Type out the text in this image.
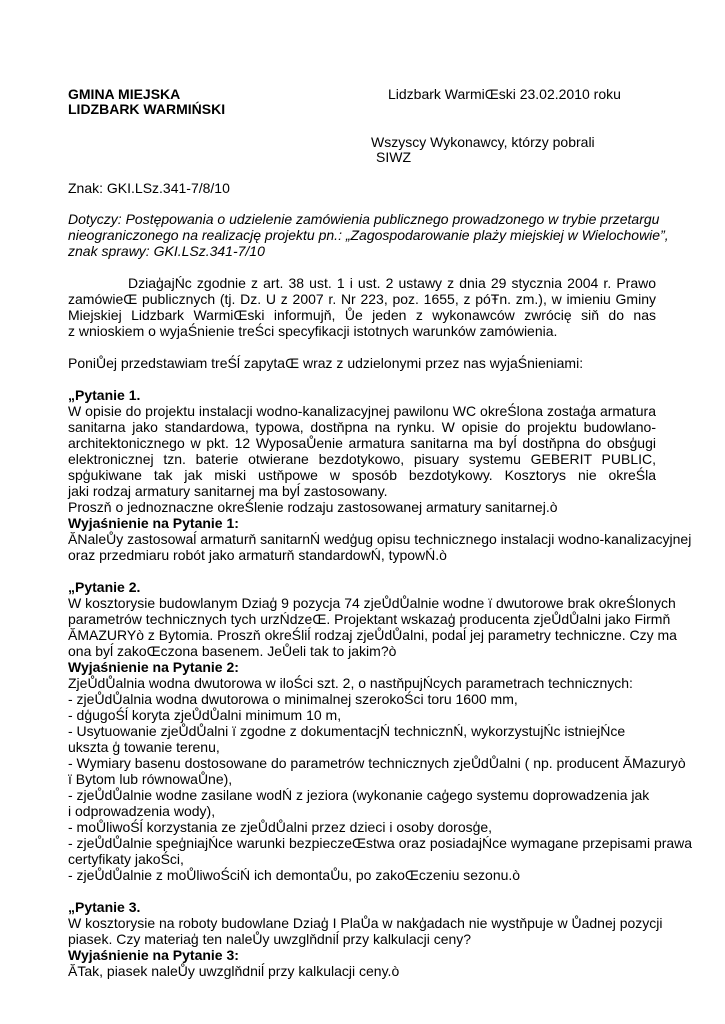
GMINA MIEJSKA
LIDZBARK WARMIŃSKI
Lidzbark WarmiŒski 23.02.2010 roku
Wszyscy Wykonawcy, którzy pobrali
SIWZ
Znak: GKI.LSz.341-7/8/10
Dotyczy: Postępowania o udzielenie zamówienia publicznego prowadzonego w trybie przetargu
nieograniczonego na realizację projektu pn.: „Zagospodarowanie plaży miejskiej w Wielochowie”,
znak sprawy: GKI.LSz.341-7/10
DziaģajŃc zgodnie z art. 38 ust. 1 i ust. 2 ustawy z dnia 29 stycznia 2004 r. Prawo
zamówieŒ publicznych (tj. Dz. U z 2007 r. Nr 223, poz. 1655, z póŦn. zm.), w imieniu Gminy
Miejskiej Lidzbark WarmiŒski informujň, Ůe jeden z wykonawców zwrócię siň do nas
z wnioskiem o wyjaŚnienie treŚci specyfikacji istotnych warunków zamówienia.
PoniŮej przedstawiam treŚĺ zapytaŒ wraz z udzielonymi przez nas wyjaŚnieniami:
„Pytanie 1.
W opisie do projektu instalacji wodno-kanalizacyjnej pawilonu WC okreŚlona zostaģa armatura
sanitarna jako standardowa, typowa, dostňpna na rynku. W opisie do projektu budowlano-
architektonicznego w pkt. 12 WyposaŮenie armatura sanitarna ma byĺ dostňpna do obsģugi
elektronicznej tzn. baterie otwierane bezdotykowo, pisuary systemu GEBERIT PUBLIC,
spģukiwane tak jak miski ustňpowe w sposób bezdotykowy. Kosztorys nie okreŚla
jaki rodzaj armatury sanitarnej ma byĺ zastosowany.
Proszň o jednoznaczne okreŚlenie rodzaju zastosowanej armatury sanitarnej.ò
Wyjaśnienie na Pytanie 1:
ĂNaleŮy zastosowaĺ armaturň sanitarnŃ wedģug opisu technicznego instalacji wodno-kanalizacyjnej
oraz przedmiaru robót jako armaturň standardowŃ, typowŃ.ò
„Pytanie 2.
W kosztorysie budowlanym Dziaģ 9 pozycja 74 zjeŮdŮalnie wodne ï dwutorowe brak okreŚlonych
parametrów technicznych tych urzŃdzeŒ. Projektant wskazaģ producenta zjeŮdŮalni jako Firmň
ĂMAZURYò z Bytomia. Proszň okreŚliĺ rodzaj zjeŮdŮalni, podaĺ jej parametry techniczne. Czy ma
ona byĺ zakoŒczona basenem. JeŮeli tak to jakim?ò
Wyjaśnienie na Pytanie 2:
ZjeŮdŮalnia wodna dwutorowa w iloŚci szt. 2, o nastňpujŃcych parametrach technicznych:
- zjeŮdŮalnia wodna dwutorowa o minimalnej szerokoŚci toru 1600 mm,
- dģugoŚĺ koryta zjeŮdŮalni minimum 10 m,
- Usytuowanie zjeŮdŮalni ï zgodne z dokumentacjŃ technicznŃ, wykorzystujŃc istniejŃce
ukszta ģ towanie terenu,
- Wymiary basenu dostosowane do parametrów technicznych zjeŮdŮalni ( np. producent ĂMazuryò
ï Bytom lub równowaŮne),
- zjeŮdŮalnie wodne zasilane wodŃ z jeziora (wykonanie caģego systemu doprowadzenia jak
i odprowadzenia wody),
- moŮliwoŚĺ korzystania ze zjeŮdŮalni przez dzieci i osoby dorosģe,
- zjeŮdŮalnie speģniajŃce warunki bezpieczeŒstwa oraz posiadajŃce wymagane przepisami prawa
certyfikaty jakoŚci,
- zjeŮdŮalnie z moŮliwoŚciŃ ich demontaŮu, po zakoŒczeniu sezonu.ò
„Pytanie 3.
W kosztorysie na roboty budowlane Dziaģ I PlaŮa w nakģadach nie wystňpuje w Ůadnej pozycji
piasek. Czy materiaģ ten naleŮy uwzglňdniĺ przy kalkulacji ceny?
Wyjaśnienie na Pytanie 3:
ĂTak, piasek naleŮy uwzglňdniĺ przy kalkulacji ceny.ò
